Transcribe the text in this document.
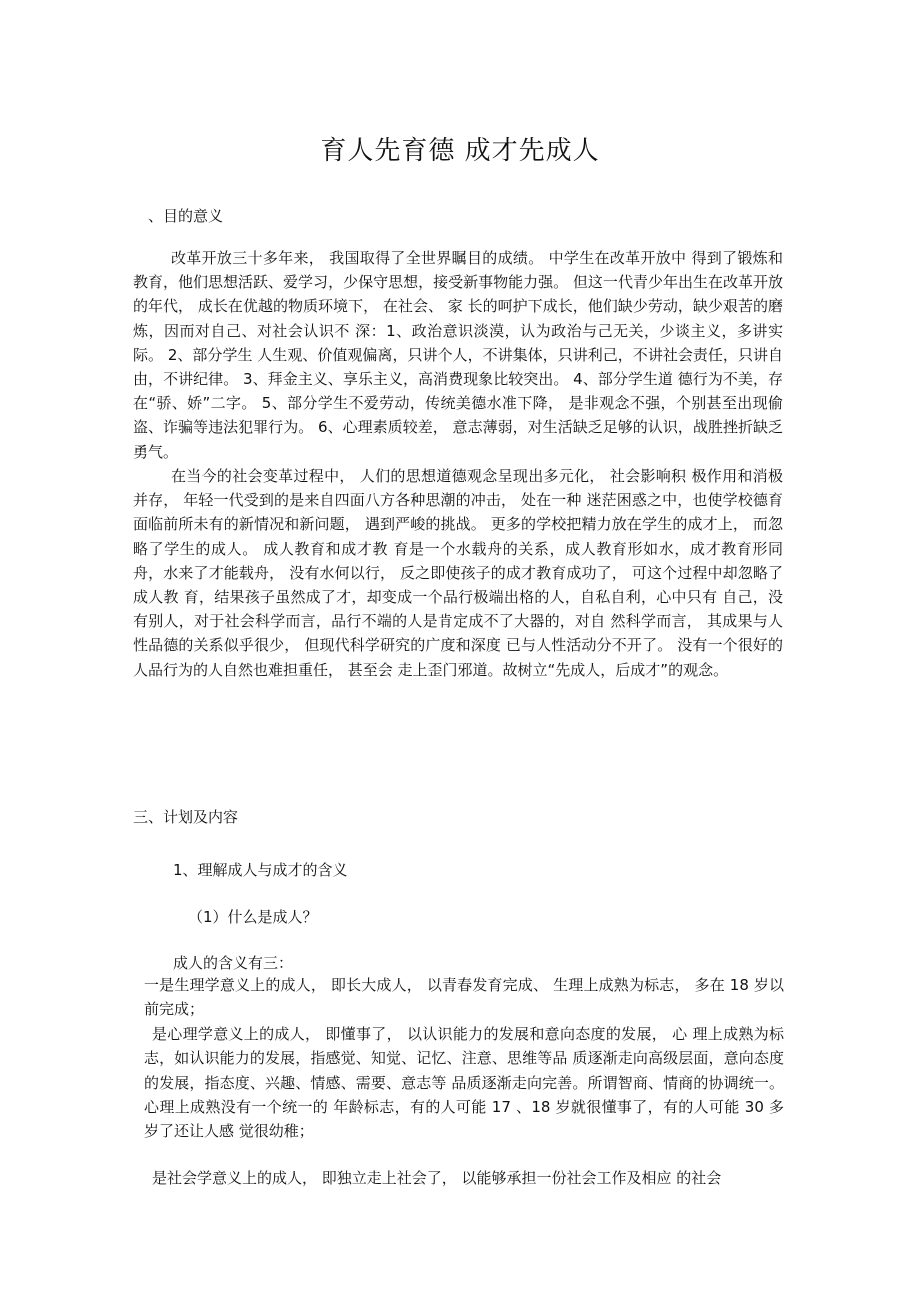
育人先育德 成才先成人
、目的意义

改革开放三十多年来， 我国取得了全世界瞩目的成绩。 中学生在改革开放中 得到了锻炼和教育，他们思想活跃、爱学习，少保守思想，接受新事物能力强。 但这一代青少年出生在改革开放的年代， 成长在优越的物质环境下， 在社会、 家 长的呵护下成长，他们缺少劳动，缺少艰苦的磨炼，因而对自己、对社会认识不 深：1、政治意识淡漠，认为政治与己无关，少谈主义，多讲实际。 2、部分学生 人生观、价值观偏离，只讲个人，不讲集体，只讲利己，不讲社会责任，只讲自 由，不讲纪律。 3、拜金主义、享乐主义，高消费现象比较突出。 4、部分学生道 德行为不美，存在“骄、娇”二字。 5、部分学生不爱劳动，传统美德水准下降， 是非观念不强，个别甚至出现偷盗、诈骗等违法犯罪行为。 6、心理素质较差， 意志薄弱，对生活缺乏足够的认识，战胜挫折缺乏勇气。

在当今的社会变革过程中， 人们的思想道德观念呈现出多元化， 社会影响积 极作用和消极并存， 年轻一代受到的是来自四面八方各种思潮的冲击， 处在一种 迷茫困惑之中，也使学校德育面临前所未有的新情况和新问题， 遇到严峻的挑战。 更多的学校把精力放在学生的成才上， 而忽略了学生的成人。 成人教育和成才教 育是一个水载舟的关系，成人教育形如水，成才教育形同舟，水来了才能载舟， 没有水何以行， 反之即使孩子的成才教育成功了， 可这个过程中却忽略了成人教 育，结果孩子虽然成了才，却变成一个品行极端出格的人，自私自利，心中只有 自己，没有别人，对于社会科学而言，品行不端的人是肯定成不了大器的，对自 然科学而言， 其成果与人性品德的关系似乎很少， 但现代科学研究的广度和深度 已与人性活动分不开了。 没有一个很好的人品行为的人自然也难担重任， 甚至会 走上歪门邪道。故树立“先成人，后成才”的观念。

三、计划及内容
1、理解成人与成才的含义
（1）什么是成人？

成人的含义有三：

一是生理学意义上的成人， 即长大成人， 以青春发育完成、 生理上成熟为标志， 多在 18 岁以前完成；

是心理学意义上的成人， 即懂事了， 以认识能力的发展和意向态度的发展， 心 理上成熟为标志，如认识能力的发展，指感觉、知觉、记忆、注意、思维等品 质逐渐走向高级层面，意向态度的发展，指态度、兴趣、情感、需要、意志等 品质逐渐走向完善。所谓智商、情商的协调统一。心理上成熟没有一个统一的 年龄标志，有的人可能 17 、18 岁就很懂事了，有的人可能 30 多岁了还让人感 觉很幼稚；

是社会学意义上的成人， 即独立走上社会了， 以能够承担一份社会工作及相应 的社会
